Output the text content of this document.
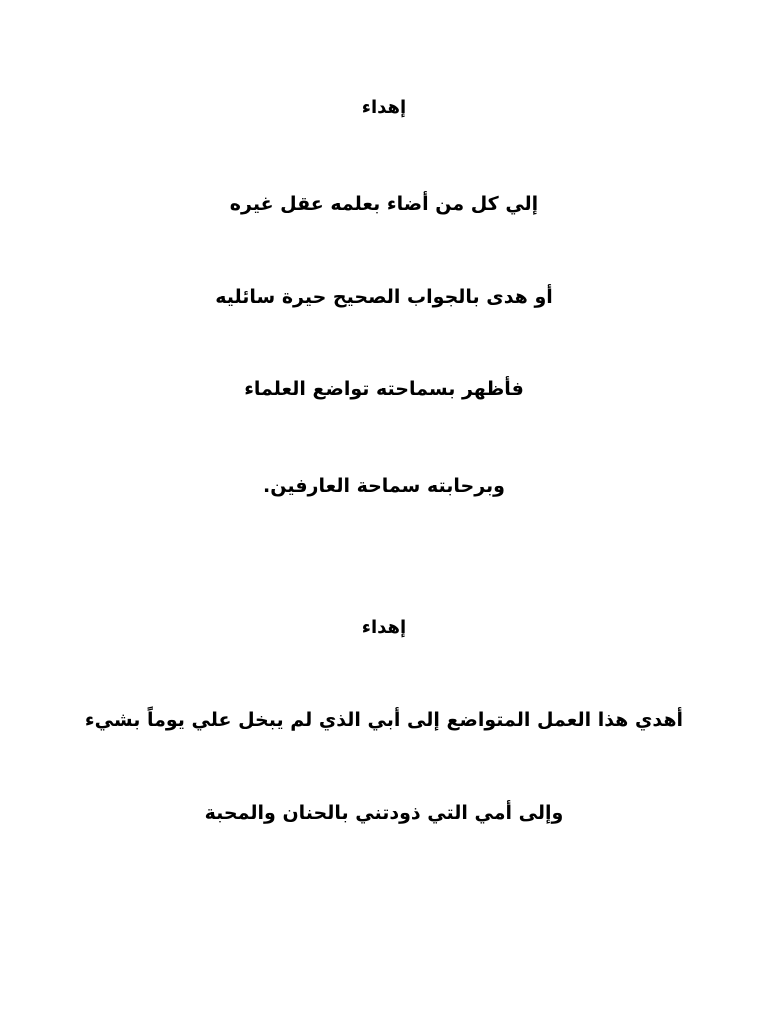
إهداء
إلي كل من أضاء بعلمه عقل غيره
أو هدى بالجواب الصحيح حيرة سائليه
فأظهر بسماحته تواضع العلماء
وبرحابته سماحة العارفين.
إهداء
أهدي هذا العمل المتواضع إلى أبي الذي لم يبخل علي يوماً بشيء
وإلى أمي التي ذودتني بالحنان والمحبة
